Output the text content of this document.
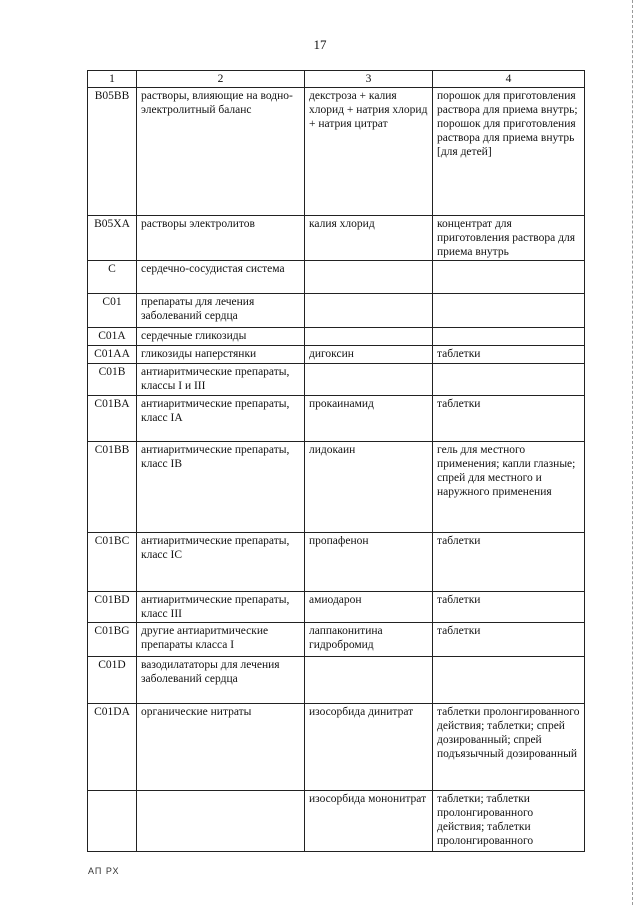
17
1	2	3	4
B05BB	растворы, влияющие на водно-электролитный баланс	декстроза + калия хлорид + натрия хлорид + натрия цитрат	порошок для приготовления раствора для приема внутрь; порошок для приготовления раствора для приема внутрь [для детей]
B05XA	растворы электролитов	калия хлорид	концентрат для приготовления раствора для приема внутрь
C	сердечно-сосудистая система		
C01	препараты для лечения заболеваний сердца		
C01A	сердечные гликозиды		
C01AA	гликозиды наперстянки	дигоксин	таблетки
C01B	антиаритмические препараты, классы I и III		
C01BA	антиаритмические препараты, класс IA	прокаинамид	таблетки
C01BB	антиаритмические препараты, класс IB	лидокаин	гель для местного применения; капли глазные; спрей для местного и наружного применения
C01BC	антиаритмические препараты, класс IC	пропафенон	таблетки
C01BD	антиаритмические препараты, класс III	амиодарон	таблетки
C01BG	другие антиаритмические препараты класса I	лаппаконитина гидробромид	таблетки
C01D	вазодилататоры для лечения заболеваний сердца		
C01DA	органические нитраты	изосорбида динитрат	таблетки пролонгированного действия; таблетки; спрей дозированный; спрей подъязычный дозированный
		изосорбида мононитрат	таблетки; таблетки пролонгированного действия; таблетки пролонгированного
АП РХ
